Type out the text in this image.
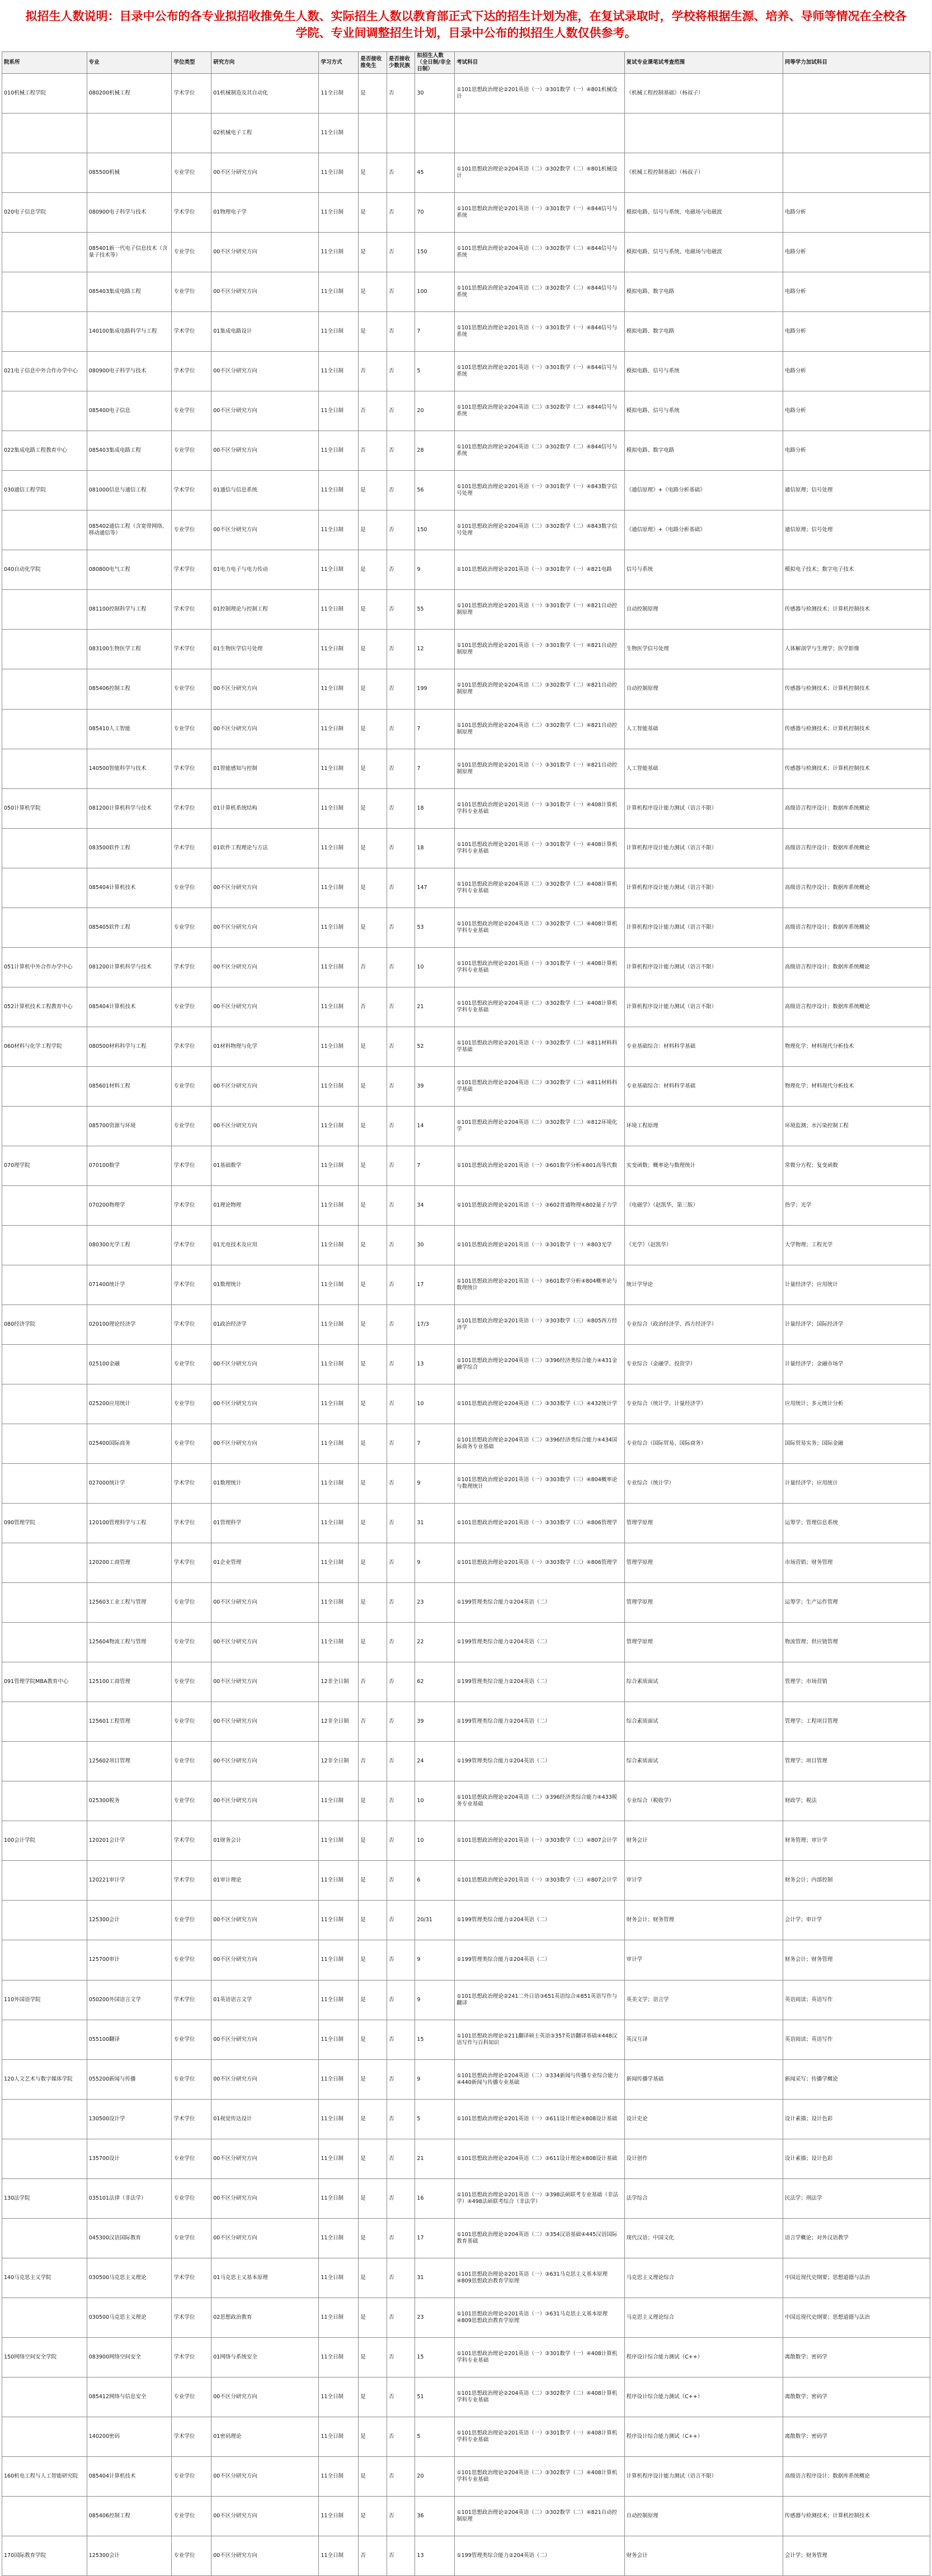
拟招生人数说明：目录中公布的各专业拟招收推免生人数、实际招生人数以教育部正式下达的招生计划为准，在复试录取时，学校将根据生源、培养、导师等情况在全校各学院、专业间调整招生计划，目录中公布的拟招生人数仅供参考。
院系所	专业	学位类型	研究方向	学习方式	是否接收推免生	是否接收少数民族	拟招生人数（全日制/非全日制）	考试科目	复试专业课笔试考查范围	同等学力加试科目
010机械工程学院	080200机械工程	学术学位	01机械制造及其自动化	11全日制	是	否	30	①101思想政治理论②201英语（一）③301数学（一）④801机械设计	《机械工程控制基础》（杨叔子）	
			02机械电子工程	11全日制						
	085500机械	专业学位	00不区分研究方向	11全日制	是	否	45	①101思想政治理论②204英语（二）③302数学（二）④801机械设计	《机械工程控制基础》（杨叔子）	
020电子信息学院	080900电子科学与技术	学术学位	01物理电子学	11全日制	是	否	70	①101思想政治理论②201英语（一）③301数学（一）④844信号与系统	模拟电路、信号与系统、电磁场与电磁波	电路分析
	085401新一代电子信息技术（含量子技术等）	专业学位	00不区分研究方向	11全日制	是	否	150	①101思想政治理论②204英语（二）③302数学（二）④844信号与系统	模拟电路、信号与系统、电磁场与电磁波	电路分析
	085403集成电路工程	专业学位	00不区分研究方向	11全日制	是	否	100	①101思想政治理论②204英语（二）③302数学（二）④844信号与系统	模拟电路、数字电路	电路分析
	140100集成电路科学与工程	学术学位	01集成电路设计	11全日制	是	否	7	①101思想政治理论②201英语（一）③301数学（一）④844信号与系统	模拟电路、数字电路	电路分析
021电子信息中外合作办学中心	080900电子科学与技术	学术学位	00不区分研究方向	11全日制	否	否	5	①101思想政治理论②201英语（一）③301数学（一）④844信号与系统	模拟电路、信号与系统	电路分析
	085400电子信息	专业学位	00不区分研究方向	11全日制	否	否	20	①101思想政治理论②204英语（二）③302数学（二）④844信号与系统	模拟电路、信号与系统	电路分析
022集成电路工程教育中心	085403集成电路工程	专业学位	00不区分研究方向	11全日制	否	否	28	①101思想政治理论②204英语（二）③302数学（二）④844信号与系统	模拟电路、数字电路	电路分析
030通信工程学院	081000信息与通信工程	学术学位	01通信与信息系统	11全日制	是	否	56	①101思想政治理论②201英语（一）③301数学（一）④843数字信号处理	《通信原理》+《电路分析基础》	通信原理；信号处理
	085402通信工程（含宽带网络、移动通信等）	专业学位	00不区分研究方向	11全日制	是	否	150	①101思想政治理论②204英语（二）③302数学（二）④843数字信号处理	《通信原理》+《电路分析基础》	通信原理；信号处理
040自动化学院	080800电气工程	学术学位	01电力电子与电力传动	11全日制	是	否	9	①101思想政治理论②201英语（一）③301数学（一）④821电路	信号与系统	模拟电子技术；数字电子技术
	081100控制科学与工程	学术学位	01控制理论与控制工程	11全日制	是	否	55	①101思想政治理论②201英语（一）③301数学（一）④821自动控制原理	自动控制原理	传感器与检测技术；计算机控制技术
	083100生物医学工程	学术学位	01生物医学信号处理	11全日制	是	否	12	①101思想政治理论②201英语（一）③301数学（一）④821自动控制原理	生物医学信号处理	人体解剖学与生理学；医学影像
	085406控制工程	专业学位	00不区分研究方向	11全日制	是	否	199	①101思想政治理论②204英语（二）③302数学（二）④821自动控制原理	自动控制原理	传感器与检测技术；计算机控制技术
	085410人工智能	专业学位	00不区分研究方向	11全日制	是	否	7	①101思想政治理论②204英语（二）③302数学（二）④821自动控制原理	人工智能基础	传感器与检测技术；计算机控制技术
	140500智能科学与技术	学术学位	01智能感知与控制	11全日制	是	否	7	①101思想政治理论②201英语（一）③301数学（一）④821自动控制原理	人工智能基础	传感器与检测技术；计算机控制技术
050计算机学院	081200计算机科学与技术	学术学位	01计算机系统结构	11全日制	是	否	18	①101思想政治理论②201英语（一）③301数学（一）④408计算机学科专业基础	计算机程序设计能力测试（语言不限）	高级语言程序设计；数据库系统概论
	083500软件工程	学术学位	01软件工程理论与方法	11全日制	是	否	18	①101思想政治理论②201英语（一）③301数学（一）④408计算机学科专业基础	计算机程序设计能力测试（语言不限）	高级语言程序设计；数据库系统概论
	085404计算机技术	专业学位	00不区分研究方向	11全日制	是	否	147	①101思想政治理论②204英语（二）③302数学（二）④408计算机学科专业基础	计算机程序设计能力测试（语言不限）	高级语言程序设计；数据库系统概论
	085405软件工程	专业学位	00不区分研究方向	11全日制	是	否	53	①101思想政治理论②204英语（二）③302数学（二）④408计算机学科专业基础	计算机程序设计能力测试（语言不限）	高级语言程序设计；数据库系统概论
051计算机中外合作办学中心	081200计算机科学与技术	学术学位	00不区分研究方向	11全日制	否	否	10	①101思想政治理论②201英语（一）③301数学（一）④408计算机学科专业基础	计算机程序设计能力测试（语言不限）	高级语言程序设计；数据库系统概论
052计算机技术工程教育中心	085404计算机技术	专业学位	00不区分研究方向	11全日制	否	否	21	①101思想政治理论②204英语（二）③302数学（二）④408计算机学科专业基础	计算机程序设计能力测试（语言不限）	高级语言程序设计；数据库系统概论
060材料与化学工程学院	080500材料科学与工程	学术学位	01材料物理与化学	11全日制	是	否	52	①101思想政治理论②201英语（一）③302数学（二）④811材料科学基础	专业基础综合：材料科学基础	物理化学；材料现代分析技术
	085601材料工程	专业学位	00不区分研究方向	11全日制	是	否	39	①101思想政治理论②204英语（二）③302数学（二）④811材料科学基础	专业基础综合：材料科学基础	物理化学；材料现代分析技术
	085700资源与环境	专业学位	00不区分研究方向	11全日制	是	否	14	①101思想政治理论②204英语（二）③302数学（二）④812环境化学	环境工程原理	环境监测；水污染控制工程
070理学院	070100数学	学术学位	01基础数学	11全日制	是	否	7	①101思想政治理论②201英语（一）③601数学分析④801高等代数	实变函数；概率论与数理统计	常微分方程；复变函数
	070200物理学	学术学位	01理论物理	11全日制	是	否	34	①101思想政治理论②201英语（一）③602普通物理④802量子力学	《电磁学》（赵凯华，第三版）	热学；光学
	080300光学工程	学术学位	01光电技术及应用	11全日制	是	否	30	①101思想政治理论②201英语（一）③301数学（一）④803光学	《光学》（赵凯华）	大学物理；工程光学
	071400统计学	学术学位	01数理统计	11全日制	是	否	17	①101思想政治理论②201英语（一）③601数学分析④804概率论与数理统计	统计学导论	计量经济学；应用统计
080经济学院	020100理论经济学	学术学位	01政治经济学	11全日制	是	否	17/3	①101思想政治理论②201英语（一）③303数学（三）④805西方经济学	专业综合（政治经济学、西方经济学）	计量经济学；国际经济学
	025100金融	专业学位	00不区分研究方向	11全日制	是	否	13	①101思想政治理论②204英语（二）③396经济类综合能力④431金融学综合	专业综合（金融学、投资学）	计量经济学；金融市场学
	025200应用统计	专业学位	00不区分研究方向	11全日制	是	否	10	①101思想政治理论②204英语（二）③303数学（三）④432统计学	专业综合（统计学、计量经济学）	应用统计；多元统计分析
	025400国际商务	专业学位	00不区分研究方向	11全日制	是	否	7	①101思想政治理论②204英语（二）③396经济类综合能力④434国际商务专业基础	专业综合（国际贸易、国际商务）	国际贸易实务；国际金融
	027000统计学	学术学位	01数理统计	11全日制	是	否	9	①101思想政治理论②201英语（一）③303数学（三）④804概率论与数理统计	专业综合（统计学）	计量经济学；应用统计
090管理学院	120100管理科学与工程	学术学位	01管理科学	11全日制	是	否	31	①101思想政治理论②201英语（一）③303数学（三）④806管理学	管理学原理	运筹学；管理信息系统
	120200工商管理	学术学位	01企业管理	11全日制	是	否	9	①101思想政治理论②201英语（一）③303数学（三）④806管理学	管理学原理	市场营销；财务管理
	125603工业工程与管理	专业学位	00不区分研究方向	11全日制	是	否	23	①199管理类综合能力②204英语（二）	管理学原理	运筹学；生产运作管理
	125604物流工程与管理	专业学位	00不区分研究方向	11全日制	是	否	22	①199管理类综合能力②204英语（二）	管理学原理	物流管理；供应链管理
091管理学院MBA教育中心	125100工商管理	专业学位	00不区分研究方向	12非全日制	否	否	62	①199管理类综合能力②204英语（二）	综合素质面试	管理学；市场营销
	125601工程管理	专业学位	00不区分研究方向	12非全日制	否	否	39	①199管理类综合能力②204英语（二）	综合素质面试	管理学；工程项目管理
	125602项目管理	专业学位	00不区分研究方向	12非全日制	否	否	24	①199管理类综合能力②204英语（二）	综合素质面试	管理学；项目管理
	025300税务	专业学位	00不区分研究方向	11全日制	是	否	10	①101思想政治理论②204英语（二）③396经济类综合能力④433税务专业基础	专业综合（税收学）	财政学；税法
100会计学院	120201会计学	学术学位	01财务会计	11全日制	是	否	10	①101思想政治理论②201英语（一）③303数学（三）④807会计学	财务会计	财务管理；审计学
	120221审计学	学术学位	01审计理论	11全日制	是	否	6	①101思想政治理论②201英语（一）③303数学（三）④807会计学	审计学	财务会计；内部控制
	125300会计	专业学位	00不区分研究方向	11全日制	是	否	20/31	①199管理类综合能力②204英语（二）	财务会计；财务管理	会计学；审计学
	125700审计	专业学位	00不区分研究方向	11全日制	是	否	9	①199管理类综合能力②204英语（二）	审计学	财务会计；财务管理
110外国语学院	050200外国语言文学	学术学位	01英语语言文学	11全日制	是	否	9	①101思想政治理论②241二外日语③651英语综合④851英语写作与翻译	英美文学；语言学	英语阅读；英语写作
	055100翻译	专业学位	00不区分研究方向	11全日制	是	否	15	①101思想政治理论②211翻译硕士英语③357英语翻译基础④448汉语写作与百科知识	英汉互译	英语阅读；英语写作
120人文艺术与数字媒体学院	055200新闻与传播	专业学位	00不区分研究方向	11全日制	是	否	9	①101思想政治理论②204英语（二）③334新闻与传播专业综合能力④440新闻与传播专业基础	新闻传播学基础	新闻采写；传播学概论
	130500设计学	学术学位	01视觉传达设计	11全日制	是	否	5	①101思想政治理论②201英语（一）③611设计理论④808设计基础	设计史论	设计素描；设计色彩
	135700设计	专业学位	00不区分研究方向	11全日制	是	否	21	①101思想政治理论②204英语（二）③611设计理论④808设计基础	设计创作	设计素描；设计色彩
130法学院	035101法律（非法学）	专业学位	00不区分研究方向	11全日制	是	否	16	①101思想政治理论②201英语（一）③398法硕联考专业基础（非法学）④498法硕联考综合（非法学）	法学综合	民法学；刑法学
	045300汉语国际教育	专业学位	00不区分研究方向	11全日制	是	否	17	①101思想政治理论②204英语（二）③354汉语基础④445汉语国际教育基础	现代汉语；中国文化	语言学概论；对外汉语教学
140马克思主义学院	030500马克思主义理论	学术学位	01马克思主义基本原理	11全日制	是	否	31	①101思想政治理论②201英语（一）③631马克思主义基本原理④809思想政治教育学原理	马克思主义理论综合	中国近现代史纲要；思想道德与法治
	030500马克思主义理论	学术学位	02思想政治教育	11全日制	是	否	23	①101思想政治理论②201英语（一）③631马克思主义基本原理④809思想政治教育学原理	马克思主义理论综合	中国近现代史纲要；思想道德与法治
150网络空间安全学院	083900网络空间安全	学术学位	01网络与系统安全	11全日制	是	否	15	①101思想政治理论②201英语（一）③301数学（一）④408计算机学科专业基础	程序设计综合能力测试（C++）	离散数学；密码学
	085412网络与信息安全	专业学位	00不区分研究方向	11全日制	是	否	51	①101思想政治理论②204英语（二）③302数学（二）④408计算机学科专业基础	程序设计综合能力测试（C++）	离散数学；密码学
	140200密码	学术学位	01密码理论	11全日制	是	否	5	①101思想政治理论②201英语（一）③301数学（一）④408计算机学科专业基础	程序设计综合能力测试（C++）	离散数学；密码学
160机电工程与人工智能研究院	085404计算机技术	专业学位	00不区分研究方向	11全日制	是	否	20	①101思想政治理论②204英语（二）③302数学（二）④408计算机学科专业基础	计算机程序设计能力测试（语言不限）	高级语言程序设计；数据库系统概论
	085406控制工程	专业学位	00不区分研究方向	11全日制	是	否	36	①101思想政治理论②204英语（二）③302数学（二）④821自动控制原理	自动控制原理	传感器与检测技术；计算机控制技术
170国际教育学院	125300会计	专业学位	00不区分研究方向	11全日制	否	否	13	①199管理类综合能力②204英语（二）	财务会计	会计学；财务管理
